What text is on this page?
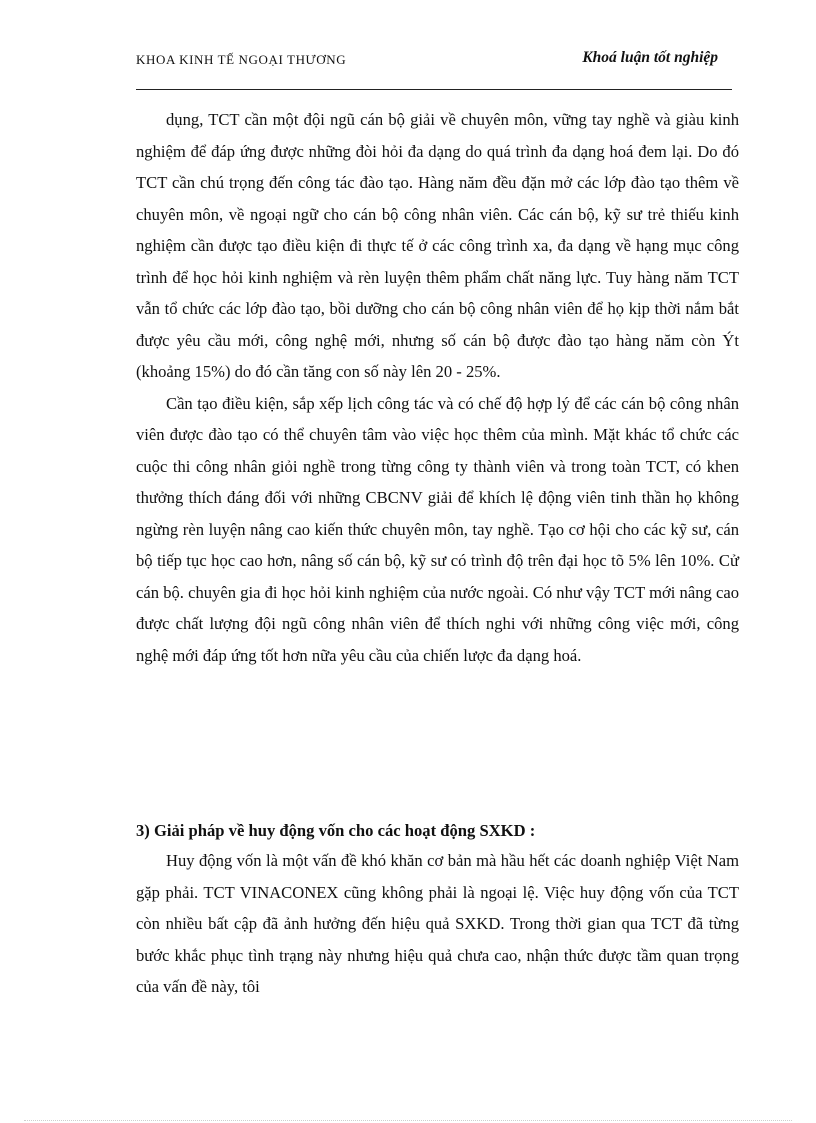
KHOA KINH TẾ NGOẠI THƯƠNG	Khoá luận tốt nghiệp

dụng, TCT cần một đội ngũ cán bộ giải về chuyên môn, vững tay nghề và giàu kinh nghiệm để đáp ứng được những đòi hỏi đa dạng do quá trình đa dạng hoá đem lại. Do đó TCT cần chú trọng đến công tác đào tạo. Hàng năm đều đặn mở các lớp đào tạo thêm về chuyên môn, về ngoại ngữ cho cán bộ công nhân viên. Các cán bộ, kỹ sư trẻ thiếu kinh nghiệm cần được tạo điều kiện đi thực tế ở các công trình xa, đa dạng về hạng mục công trình để học hỏi kinh nghiệm và rèn luyện thêm phẩm chất năng lực. Tuy hàng năm TCT vẫn tổ chức các lớp đào tạo, bồi dưỡng cho cán bộ công nhân viên để họ kịp thời nắm bắt được yêu cầu mới, công nghệ mới, nhưng số cán bộ được đào tạo hàng năm còn Ýt (khoảng 15%) do đó cần tăng con số này lên 20 - 25%.

Cần tạo điều kiện, sắp xếp lịch công tác và có chế độ hợp lý để các cán bộ công nhân viên được đào tạo có thể chuyên tâm vào việc học thêm của mình. Mặt khác tổ chức các cuộc thi công nhân giỏi nghề trong từng công ty thành viên và trong toàn TCT, có khen thưởng thích đáng đối với những CBCNV giải để khích lệ động viên tinh thần họ không ngừng rèn luyện nâng cao kiến thức chuyên môn, tay nghề. Tạo cơ hội cho các kỹ sư, cán bộ tiếp tục học cao hơn, nâng số cán bộ, kỹ sư có trình độ trên đại học tõ 5% lên 10%. Cử cán bộ. chuyên gia đi học hỏi kinh nghiệm của nước ngoài. Có như vậy TCT mới nâng cao được chất lượng đội ngũ công nhân viên để thích nghi với những công việc mới, công nghệ mới đáp ứng tốt hơn nữa yêu cầu của chiến lược đa dạng hoá.

3) Giải pháp về huy động vốn cho các hoạt động SXKD :

Huy động vốn là một vấn đề khó khăn cơ bản mà hầu hết các doanh nghiệp Việt Nam gặp phải. TCT VINACONEX cũng không phải là ngoại lệ. Việc huy động vốn của TCT còn nhiều bất cập đã ảnh hưởng đến hiệu quả SXKD. Trong thời gian qua TCT đã từng bước khắc phục tình trạng này nhưng hiệu quả chưa cao, nhận thức được tầm quan trọng của vấn đề này, tôi
